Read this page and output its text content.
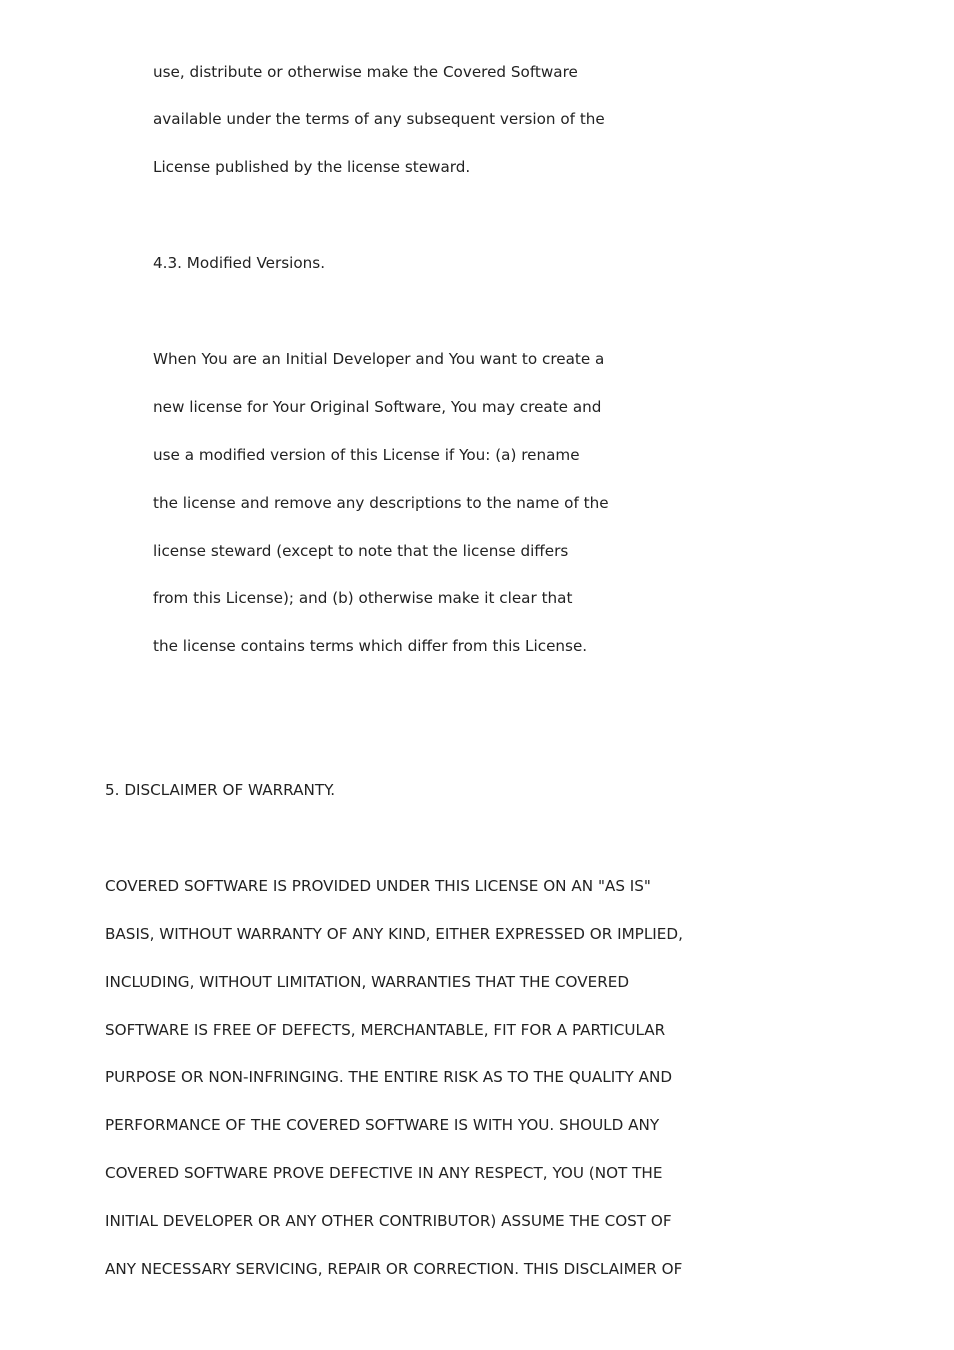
use, distribute or otherwise make the Covered Software

available under the terms of any subsequent version of the

License published by the license steward.

4.3. Modified Versions.

When You are an Initial Developer and You want to create a

new license for Your Original Software, You may create and

use a modified version of this License if You: (a) rename

the license and remove any descriptions to the name of the

license steward (except to note that the license differs

from this License); and (b) otherwise make it clear that

the license contains terms which differ from this License.

5. DISCLAIMER OF WARRANTY.

COVERED SOFTWARE IS PROVIDED UNDER THIS LICENSE ON AN "AS IS"

BASIS, WITHOUT WARRANTY OF ANY KIND, EITHER EXPRESSED OR IMPLIED,

INCLUDING, WITHOUT LIMITATION, WARRANTIES THAT THE COVERED

SOFTWARE IS FREE OF DEFECTS, MERCHANTABLE, FIT FOR A PARTICULAR

PURPOSE OR NON-INFRINGING. THE ENTIRE RISK AS TO THE QUALITY AND

PERFORMANCE OF THE COVERED SOFTWARE IS WITH YOU. SHOULD ANY

COVERED SOFTWARE PROVE DEFECTIVE IN ANY RESPECT, YOU (NOT THE

INITIAL DEVELOPER OR ANY OTHER CONTRIBUTOR) ASSUME THE COST OF

ANY NECESSARY SERVICING, REPAIR OR CORRECTION. THIS DISCLAIMER OF
